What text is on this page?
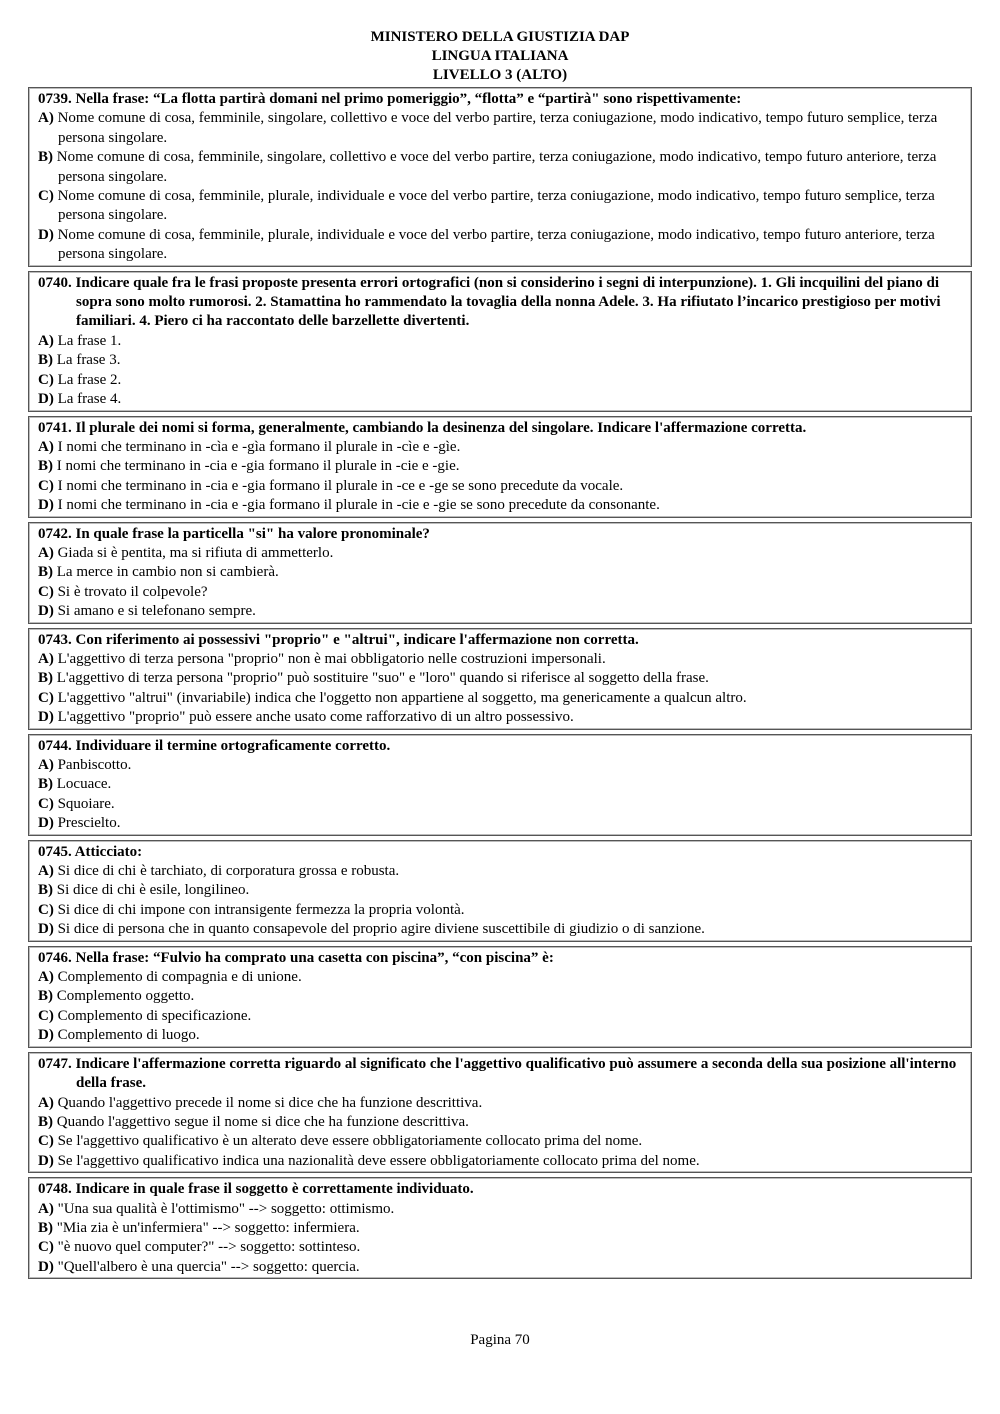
MINISTERO DELLA GIUSTIZIA DAP
LINGUA ITALIANA
LIVELLO 3 (ALTO)
0739. Nella frase: “La flotta partirà domani nel primo pomeriggio”, “flotta” e “partirà" sono rispettivamente:
A) Nome comune di cosa, femminile, singolare, collettivo e voce del verbo partire, terza coniugazione, modo indicativo, tempo futuro semplice, terza persona singolare.
B) Nome comune di cosa, femminile, singolare, collettivo e voce del verbo partire, terza coniugazione, modo indicativo, tempo futuro anteriore, terza persona singolare.
C) Nome comune di cosa, femminile, plurale, individuale e voce del verbo partire, terza coniugazione, modo indicativo, tempo futuro semplice, terza persona singolare.
D) Nome comune di cosa, femminile, plurale, individuale e voce del verbo partire, terza coniugazione, modo indicativo, tempo futuro anteriore, terza persona singolare.
0740. Indicare quale fra le frasi proposte presenta errori ortografici (non si considerino i segni di interpunzione). 1. Gli incquilini del piano di sopra sono molto rumorosi. 2. Stamattina ho rammendato la tovaglia della nonna Adele. 3. Ha rifiutato l’incarico prestigioso per motivi familiari. 4. Piero ci ha raccontato delle barzellette divertenti.
A) La frase 1.
B) La frase 3.
C) La frase 2.
D) La frase 4.
0741. Il plurale dei nomi si forma, generalmente, cambiando la desinenza del singolare. Indicare l'affermazione corretta.
A) I nomi che terminano in -cìa e -gìa formano il plurale in -cìe e -gìe.
B) I nomi che terminano in -cia e -gia formano il plurale in -cie e -gie.
C) I nomi che terminano in -cia e -gia formano il plurale in -ce e -ge se sono precedute da vocale.
D) I nomi che terminano in -cia e -gia formano il plurale in -cie e -gie se sono precedute da consonante.
0742. In quale frase la particella "si" ha valore pronominale?
A) Giada si è pentita, ma si rifiuta di ammetterlo.
B) La merce in cambio non si cambierà.
C) Si è trovato il colpevole?
D) Si amano e si telefonano sempre.
0743. Con riferimento ai possessivi "proprio" e "altrui", indicare l'affermazione non corretta.
A) L'aggettivo di terza persona "proprio" non è mai obbligatorio nelle costruzioni impersonali.
B) L'aggettivo di terza persona "proprio" può sostituire "suo" e "loro" quando si riferisce al soggetto della frase.
C) L'aggettivo "altrui" (invariabile) indica che l'oggetto non appartiene al soggetto, ma genericamente a qualcun altro.
D) L'aggettivo "proprio" può essere anche usato come rafforzativo di un altro possessivo.
0744. Individuare il termine ortograficamente corretto.
A) Panbiscotto.
B) Locuace.
C) Squoiare.
D) Prescielto.
0745. Atticciato:
A) Si dice di chi è tarchiato, di corporatura grossa e robusta.
B) Si dice di chi è esile, longilineo.
C) Si dice di chi impone con intransigente fermezza la propria volontà.
D) Si dice di persona che in quanto consapevole del proprio agire diviene suscettibile di giudizio o di sanzione.
0746. Nella frase: “Fulvio ha comprato una casetta con piscina”, “con piscina” è:
A) Complemento di compagnia e di unione.
B) Complemento oggetto.
C) Complemento di specificazione.
D) Complemento di luogo.
0747. Indicare l'affermazione corretta riguardo al significato che l'aggettivo qualificativo può assumere a seconda della sua posizione all'interno della frase.
A) Quando l'aggettivo precede il nome si dice che ha funzione descrittiva.
B) Quando l'aggettivo segue il nome si dice che ha funzione descrittiva.
C) Se l'aggettivo qualificativo è un alterato deve essere obbligatoriamente collocato prima del nome.
D) Se l'aggettivo qualificativo indica una nazionalità deve essere obbligatoriamente collocato prima del nome.
0748. Indicare in quale frase il soggetto è correttamente individuato.
A) "Una sua qualità è l'ottimismo" --> soggetto: ottimismo.
B) "Mia zia è un'infermiera" --> soggetto: infermiera.
C) "è nuovo quel computer?" --> soggetto: sottinteso.
D) "Quell'albero è una quercia" --> soggetto: quercia.
Pagina 70
